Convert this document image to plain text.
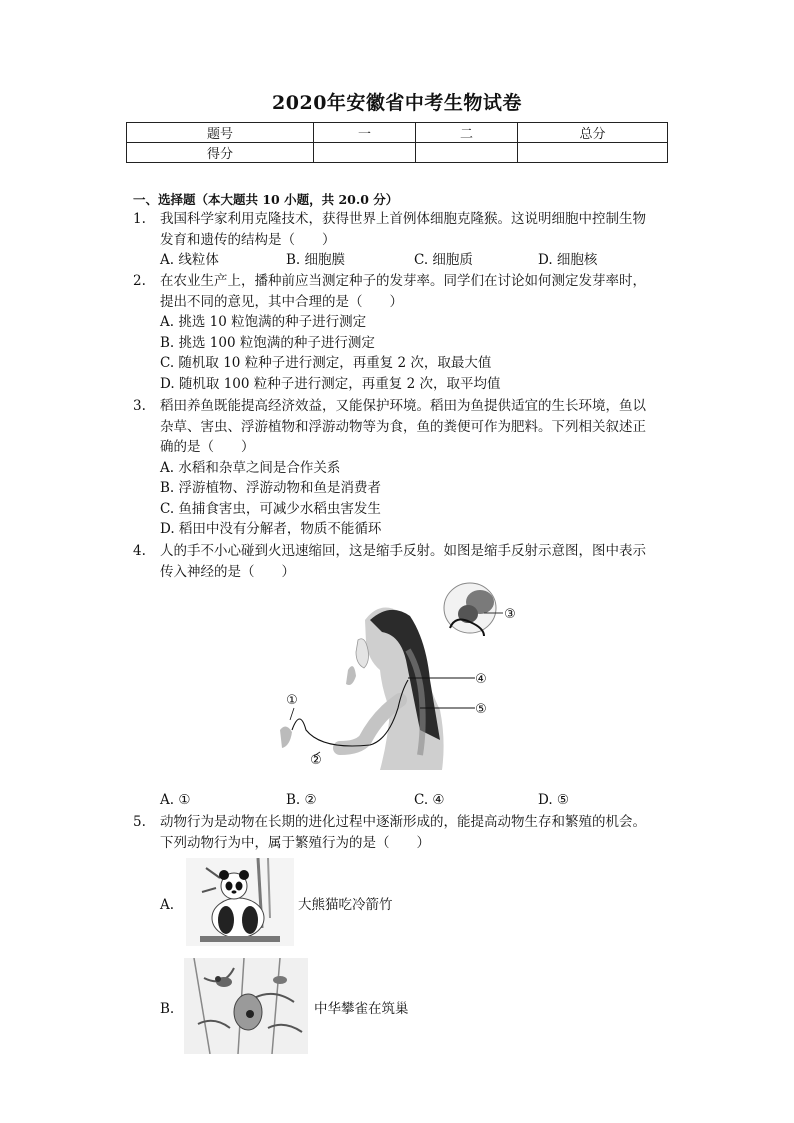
2020年安徽省中考生物试卷
题号	一	二	总分
得分			
一、选择题（本大题共 10 小题，共 20.0 分）
1. 我国科学家利用克隆技术，获得世界上首例体细胞克隆猴。这说明细胞中控制生物
发育和遗传的结构是（　　）
A. 线粒体	B. 细胞膜	C. 细胞质	D. 细胞核
2. 在农业生产上，播种前应当测定种子的发芽率。同学们在讨论如何测定发芽率时，
提出不同的意见，其中合理的是（　　）
A. 挑选 10 粒饱满的种子进行测定
B. 挑选 100 粒饱满的种子进行测定
C. 随机取 10 粒种子进行测定，再重复 2 次，取最大值
D. 随机取 100 粒种子进行测定，再重复 2 次，取平均值
3. 稻田养鱼既能提高经济效益，又能保护环境。稻田为鱼提供适宜的生长环境，鱼以
杂草、害虫、浮游植物和浮游动物等为食，鱼的粪便可作为肥料。下列相关叙述正
确的是（　　）
A. 水稻和杂草之间是合作关系
B. 浮游植物、浮游动物和鱼是消费者
C. 鱼捕食害虫，可减少水稻虫害发生
D. 稻田中没有分解者，物质不能循环
4. 人的手不小心碰到火迅速缩回，这是缩手反射。如图是缩手反射示意图，图中表示
传入神经的是（　　）
①
②
③
④
⑤
A. ①	B. ②	C. ④	D. ⑤
5. 动物行为是动物在长期的进化过程中逐渐形成的，能提高动物生存和繁殖的机会。
下列动物行为中，属于繁殖行为的是（　　）
A.	大熊猫吃冷箭竹
B.	中华攀雀在筑巢
